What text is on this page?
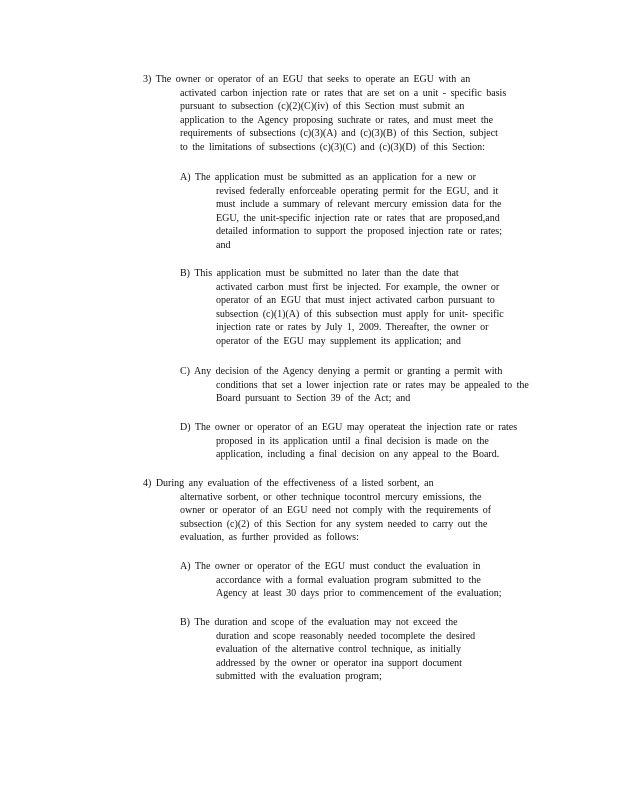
3) The owner or operator of an EGU that seeks to operate an EGU with an
activated carbon injection rate or rates that are set on a unit - specific basis
pursuant to subsection (c)(2)(C)(iv) of this Section must submit an
application to the Agency proposing suchrate or rates, and must meet the
requirements of subsections (c)(3)(A) and (c)(3)(B) of this Section, subject
to the limitations of subsections (c)(3)(C) and (c)(3)(D) of this Section:
A) The application must be submitted as an application for a new or
revised federally enforceable operating permit for the EGU, and it
must include a summary of relevant mercury emission data for the
EGU, the unit-specific injection rate or rates that are proposed,and
detailed information to support the proposed injection rate or rates;
and
B) This application must be submitted no later than the date that
activated carbon must first be injected. For example, the owner or
operator of an EGU that must inject activated carbon pursuant to
subsection (c)(1)(A) of this subsection must apply for unit- specific
injection rate or rates by July 1, 2009. Thereafter, the owner or
operator of the EGU may supplement its application; and
C) Any decision of the Agency denying a permit or granting a permit with
conditions that set a lower injection rate or rates may be appealed to the
Board pursuant to Section 39 of the Act; and
D) The owner or operator of an EGU may operateat the injection rate or rates
proposed in its application until a final decision is made on the
application, including a final decision on any appeal to the Board.
4) During any evaluation of the effectiveness of a listed sorbent, an
alternative sorbent, or other technique tocontrol mercury emissions, the
owner or operator of an EGU need not comply with the requirements of
subsection (c)(2) of this Section for any system needed to carry out the
evaluation, as further provided as follows:
A) The owner or operator of the EGU must conduct the evaluation in
accordance with a formal evaluation program submitted to the
Agency at least 30 days prior to commencement of the evaluation;
B) The duration and scope of the evaluation may not exceed the
duration and scope reasonably needed tocomplete the desired
evaluation of the alternative control technique, as initially
addressed by the owner or operator ina support document
submitted with the evaluation program;
